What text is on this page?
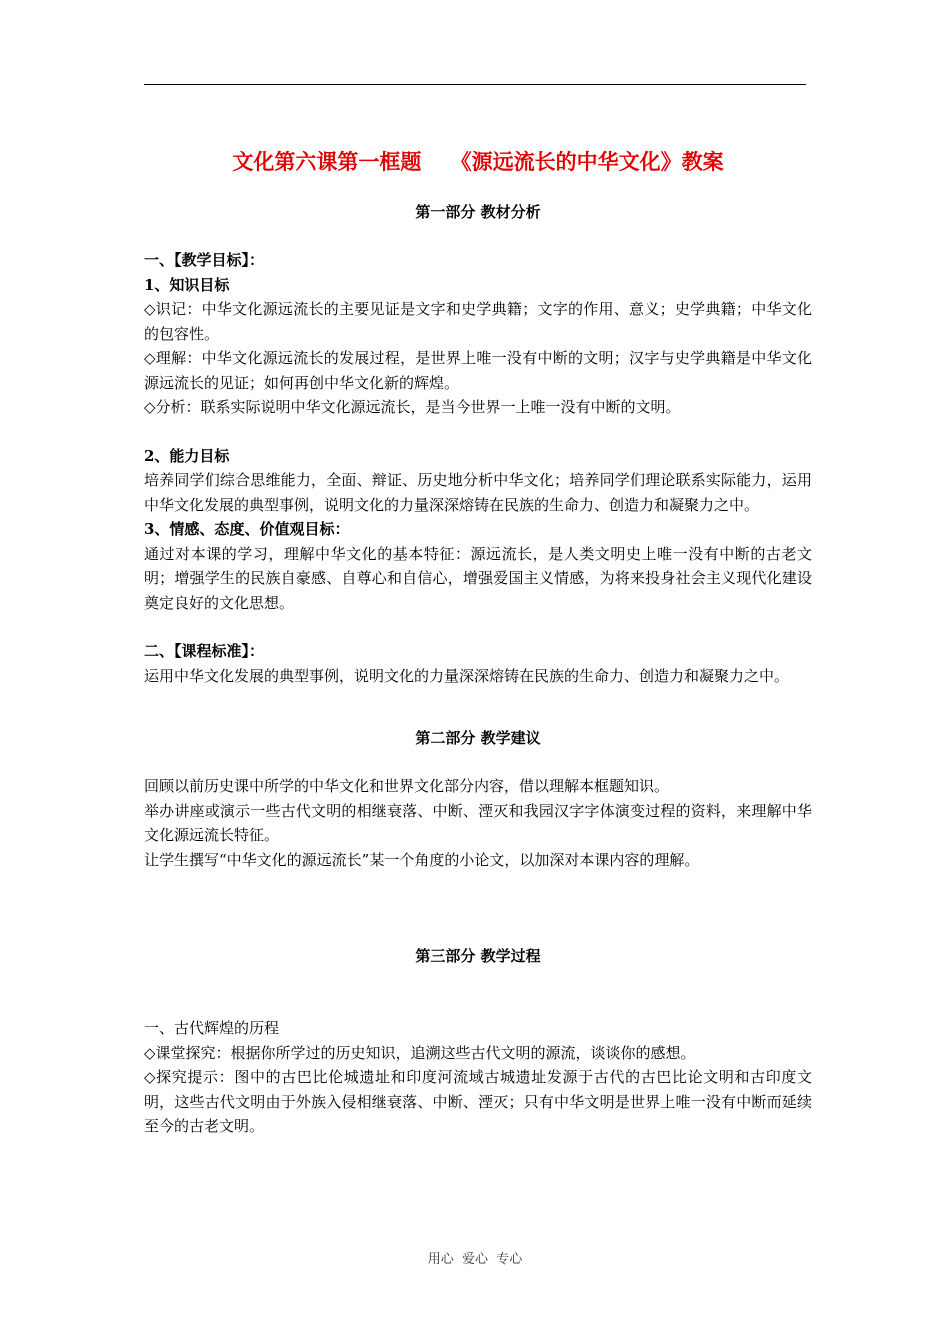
文化第六课第一框题    《源远流长的中华文化》教案
第一部分 教材分析
一、【教学目标】：
1、知识目标
◇识记：中华文化源远流长的主要见证是文字和史学典籍；文字的作用、意义；史学典籍；中华文化的包容性。
◇理解：中华文化源远流长的发展过程，是世界上唯一没有中断的文明；汉字与史学典籍是中华文化源远流长的见证；如何再创中华文化新的辉煌。
◇分析：联系实际说明中华文化源远流长，是当今世界一上唯一没有中断的文明。
2、能力目标
培养同学们综合思维能力，全面、辩证、历史地分析中华文化；培养同学们理论联系实际能力，运用中华文化发展的典型事例，说明文化的力量深深熔铸在民族的生命力、创造力和凝聚力之中。
3、情感、态度、价值观目标：
通过对本课的学习，理解中华文化的基本特征：源远流长，是人类文明史上唯一没有中断的古老文明；增强学生的民族自豪感、自尊心和自信心，增强爱国主义情感，为将来投身社会主义现代化建设奠定良好的文化思想。
二、【课程标准】：
运用中华文化发展的典型事例，说明文化的力量深深熔铸在民族的生命力、创造力和凝聚力之中。
第二部分 教学建议
回顾以前历史课中所学的中华文化和世界文化部分内容，借以理解本框题知识。
举办讲座或演示一些古代文明的相继衰落、中断、湮灭和我园汉字字体演变过程的资料，来理解中华文化源远流长特征。
让学生撰写“中华文化的源远流长”某一个角度的小论文，以加深对本课内容的理解。
第三部分 教学过程
一、古代辉煌的历程
◇课堂探究：根据你所学过的历史知识，追溯这些古代文明的源流，谈谈你的感想。
◇探究提示：图中的古巴比伦城遗址和印度河流域古城遗址发源于古代的古巴比论文明和古印度文明，这些古代文明由于外族入侵相继衰落、中断、湮灭；只有中华文明是世界上唯一没有中断而延续至今的古老文明。
用心  爱心  专心
